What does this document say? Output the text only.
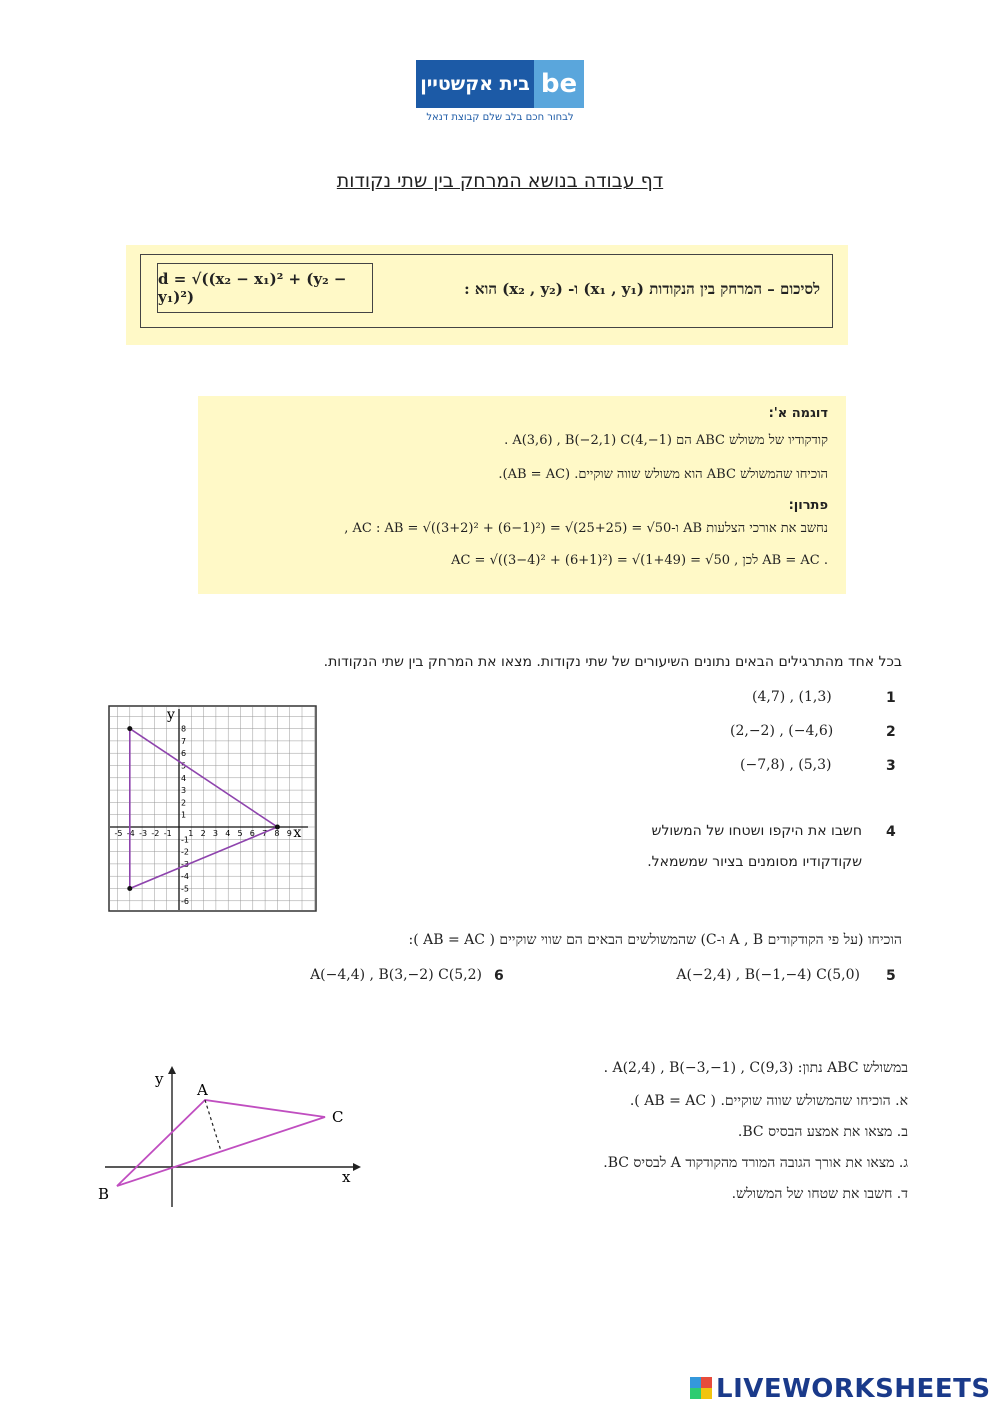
בית אקשטיין be
לבחור חכם בלב שלם קבוצת דנאל
דף עבודה בנושא המרחק בין שתי נקודות
לסיכום – המרחק בין הנקודות (x₁ , y₁) ו- (x₂ , y₂) הוא :
d = √((x₂ − x₁)² + (y₂ − y₁)²)
דוגמה א':
קודקודיו של משולש ABC הם A(3,6) , B(−2,1) C(4,−1) .
הוכיחו שהמשולש ABC הוא משולש שווה שוקיים. (AB = AC).
פתרון:
נחשב את אורכי הצלעות AB ו-AC : AB = √((3+2)² + (6−1)²) = √(25+25) = √50 ,
AC = √((3−4)² + (6+1)²) = √(1+49) = √50 , לכן AB = AC .
בכל אחד מהתרגילים הבאים נתונים השיעורים של שתי נקודות. מצאו את המרחק בין שתי הנקודות.
1
(4,7) , (1,3)
2
(2,−2) , (−4,6)
3
(−7,8) , (5,3)
4
חשבו את היקפו ושטחו של המשולש
שקודקודיו מסומנים בציור שמשמאל.
x
y
-5 -4 -3 -2 -1 1 2 3 4 5 6 7 8 9
8
7
6
5
4
3
2
1
-1
-2
-3
-4
-5
-6
הוכיחו (על פי הקודקודים A , B ו-C) שהמשולשים הבאים הם שווי שוקיים ( AB = AC ):
5
A(−2,4) , B(−1,−4) C(5,0)
6
A(−4,4) , B(3,−2) C(5,2)
במשולש ABC נתון: A(2,4) , B(−3,−1) , C(9,3) .
א. הוכיחו שהמשולש שווה שוקיים. ( AB = AC ).
ב. מצאו את אמצע הבסיס BC.
ג. מצאו את אורך הגובה המורד מהקודקוד A לבסיס BC.
ד. חשבו את שטחו של המשולש.
x
y
A
B
C
LIVEWORKSHEETS
